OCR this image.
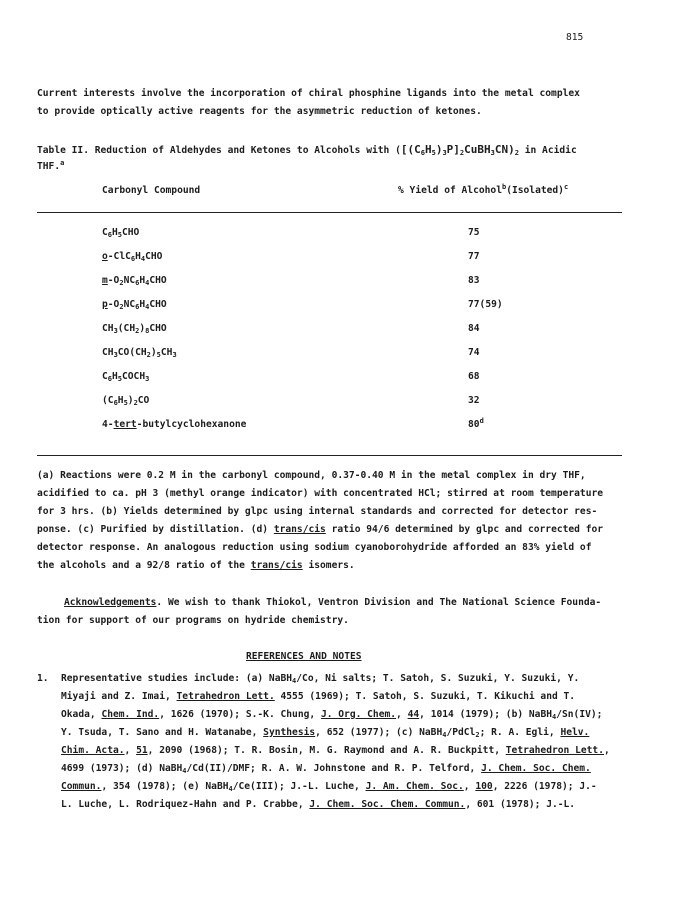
815
Current interests involve the incorporation of chiral phosphine ligands into the metal complex
to provide optically active reagents for the asymmetric reduction of ketones.
Table II. Reduction of Aldehydes and Ketones to Alcohols with $([(C_6H_5)_3P]_2CuBH_3CN)_2$ in Acidic
THF.$^a$
Carbonyl Compound	% Yield of Alcohol$^b$(Isolated)$^c$
$C_6H_5CHO$	75
$o-ClC_6H_4CHO$	77
$m-O_2NC_6H_4CHO$	83
$p-O_2NC_6H_4CHO$	77(59)
$CH_3(CH_2)_8CHO$	84
$CH_3CO(CH_2)_5CH_3$	74
$C_6H_5COCH_3$	68
$(C_6H_5)_2CO$	32
4-tert-butylcyclohexanone	80$^d$
(a) Reactions were 0.2 M in the carbonyl compound, 0.37-0.40 M in the metal complex in dry THF,
acidified to ca. pH 3 (methyl orange indicator) with concentrated HCl; stirred at room temperature
for 3 hrs. (b) Yields determined by glpc using internal standards and corrected for detector res-
ponse. (c) Purified by distillation. (d) trans/cis ratio 94/6 determined by glpc and corrected for
detector response. An analogous reduction using sodium cyanoborohydride afforded an 83% yield of
the alcohols and a 92/8 ratio of the trans/cis isomers.
Acknowledgements. We wish to thank Thiokol, Ventron Division and The National Science Founda-
tion for support of our programs on hydride chemistry.
REFERENCES AND NOTES
1. Representative studies include: (a) NaBH$_4$/Co, Ni salts; T. Satoh, S. Suzuki, Y. Suzuki, Y.
Miyaji and Z. Imai, Tetrahedron Lett. 4555 (1969); T. Satoh, S. Suzuki, T. Kikuchi and T.
Okada, Chem. Ind., 1626 (1970); S.-K. Chung, J. Org. Chem., 44, 1014 (1979); (b) NaBH$_4$/Sn(IV);
Y. Tsuda, T. Sano and H. Watanabe, Synthesis, 652 (1977); (c) NaBH$_4$/PdCl$_2$; R. A. Egli, Helv.
Chim. Acta., 51, 2090 (1968); T. R. Bosin, M. G. Raymond and A. R. Buckpitt, Tetrahedron Lett.,
4699 (1973); (d) NaBH$_4$/Cd(II)/DMF; R. A. W. Johnstone and R. P. Telford, J. Chem. Soc. Chem.
Commun., 354 (1978); (e) NaBH$_4$/Ce(III); J.-L. Luche, J. Am. Chem. Soc., 100, 2226 (1978); J.-
L. Luche, L. Rodriquez-Hahn and P. Crabbe, J. Chem. Soc. Chem. Commun., 601 (1978); J.-L.
